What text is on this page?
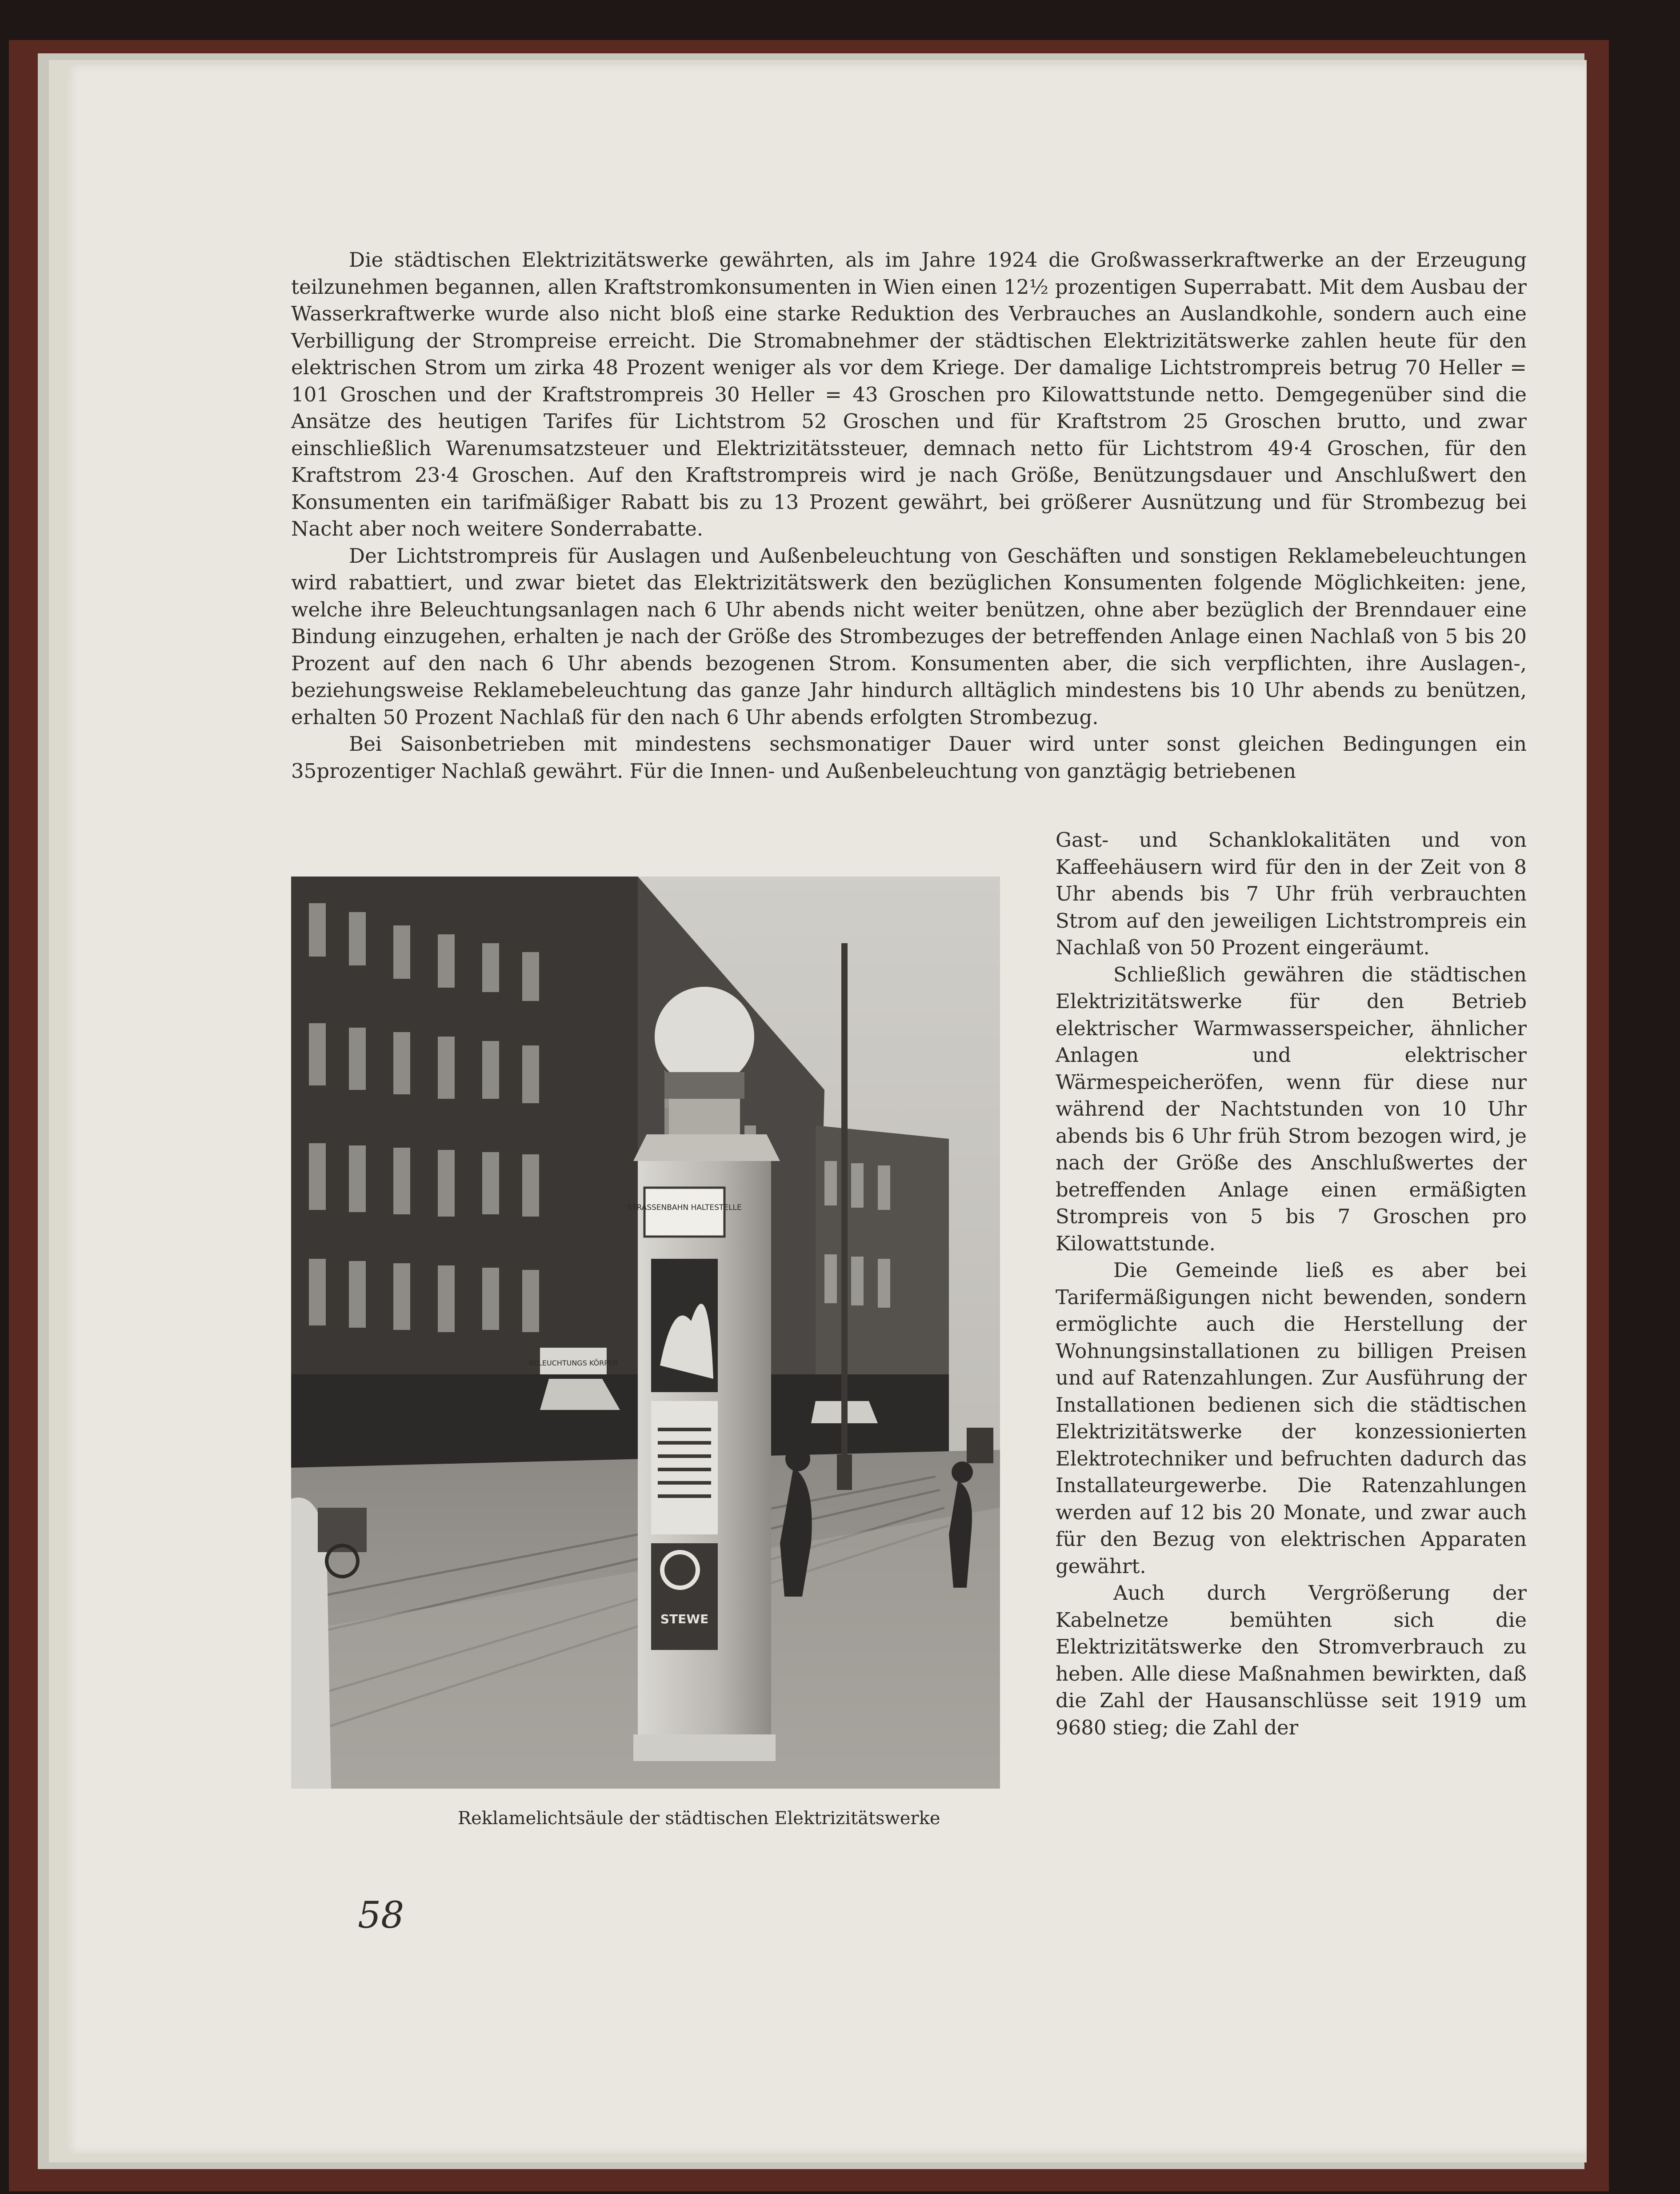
Die städtischen Elektrizitätswerke gewährten, als im Jahre 1924 die Großwasserkraftwerke an der Erzeugung teilzunehmen begannen, allen Kraftstromkonsumenten in Wien einen 12½ prozentigen Superrabatt. Mit dem Ausbau der Wasserkraftwerke wurde also nicht bloß eine starke Reduktion des Verbrauches an Auslandkohle, sondern auch eine Verbilligung der Strompreise erreicht. Die Stromabnehmer der städtischen Elektrizitätswerke zahlen heute für den elektrischen Strom um zirka 48 Prozent weniger als vor dem Kriege. Der damalige Lichtstrompreis betrug 70 Heller = 101 Groschen und der Kraftstrompreis 30 Heller = 43 Groschen pro Kilowattstunde netto. Demgegenüber sind die Ansätze des heutigen Tarifes für Lichtstrom 52 Groschen und für Kraftstrom 25 Groschen brutto, und zwar einschließlich Warenumsatzsteuer und Elektrizitätssteuer, demnach netto für Lichtstrom 49·4 Groschen, für den Kraftstrom 23·4 Groschen. Auf den Kraftstrompreis wird je nach Größe, Benützungsdauer und Anschlußwert den Konsumenten ein tarifmäßiger Rabatt bis zu 13 Prozent gewährt, bei größerer Ausnützung und für Strombezug bei Nacht aber noch weitere Sonderrabatte.

Der Lichtstrompreis für Auslagen und Außenbeleuchtung von Geschäften und sonstigen Reklamebeleuchtungen wird rabattiert, und zwar bietet das Elektrizitätswerk den bezüglichen Konsumenten folgende Möglichkeiten: jene, welche ihre Beleuchtungsanlagen nach 6 Uhr abends nicht weiter benützen, ohne aber bezüglich der Brenndauer eine Bindung einzugehen, erhalten je nach der Größe des Strombezuges der betreffenden Anlage einen Nachlaß von 5 bis 20 Prozent auf den nach 6 Uhr abends bezogenen Strom. Konsumenten aber, die sich verpflichten, ihre Auslagen-, beziehungsweise Reklamebeleuchtung das ganze Jahr hindurch alltäglich mindestens bis 10 Uhr abends zu benützen, erhalten 50 Prozent Nachlaß für den nach 6 Uhr abends erfolgten Strombezug.

Bei Saisonbetrieben mit mindestens sechsmonatiger Dauer wird unter sonst gleichen Bedingungen ein 35prozentiger Nachlaß gewährt. Für die Innen- und Außenbeleuchtung von ganztägig betriebenen

BELEUCHTUNGS KÖRPER
STRASSENBAHN HALTESTELLE
STEWE

Gast- und Schanklokalitäten und von Kaffeehäusern wird für den in der Zeit von 8 Uhr abends bis 7 Uhr früh verbrauchten Strom auf den jeweiligen Lichtstrompreis ein Nachlaß von 50 Prozent eingeräumt.

Schließlich gewähren die städtischen Elektrizitätswerke für den Betrieb elektrischer Warmwasserspeicher, ähnlicher Anlagen und elektrischer Wärmespeicheröfen, wenn für diese nur während der Nachtstunden von 10 Uhr abends bis 6 Uhr früh Strom bezogen wird, je nach der Größe des Anschlußwertes der betreffenden Anlage einen ermäßigten Strompreis von 5 bis 7 Groschen pro Kilowattstunde.

Die Gemeinde ließ es aber bei Tarifermäßigungen nicht bewenden, sondern ermöglichte auch die Herstellung der Wohnungsinstallationen zu billigen Preisen und auf Ratenzahlungen. Zur Ausführung der Installationen bedienen sich die städtischen Elektrizitätswerke der konzessionierten Elektrotechniker und befruchten dadurch das Installateurgewerbe. Die Ratenzahlungen werden auf 12 bis 20 Monate, und zwar auch für den Bezug von elektrischen Apparaten gewährt.

Auch durch Vergrößerung der Kabelnetze bemühten sich die Elektrizitätswerke den Stromverbrauch zu heben. Alle diese Maßnahmen bewirkten, daß die Zahl der Hausanschlüsse seit 1919 um 9680 stieg; die Zahl der

Reklamelichtsäule der städtischen Elektrizitätswerke
58
